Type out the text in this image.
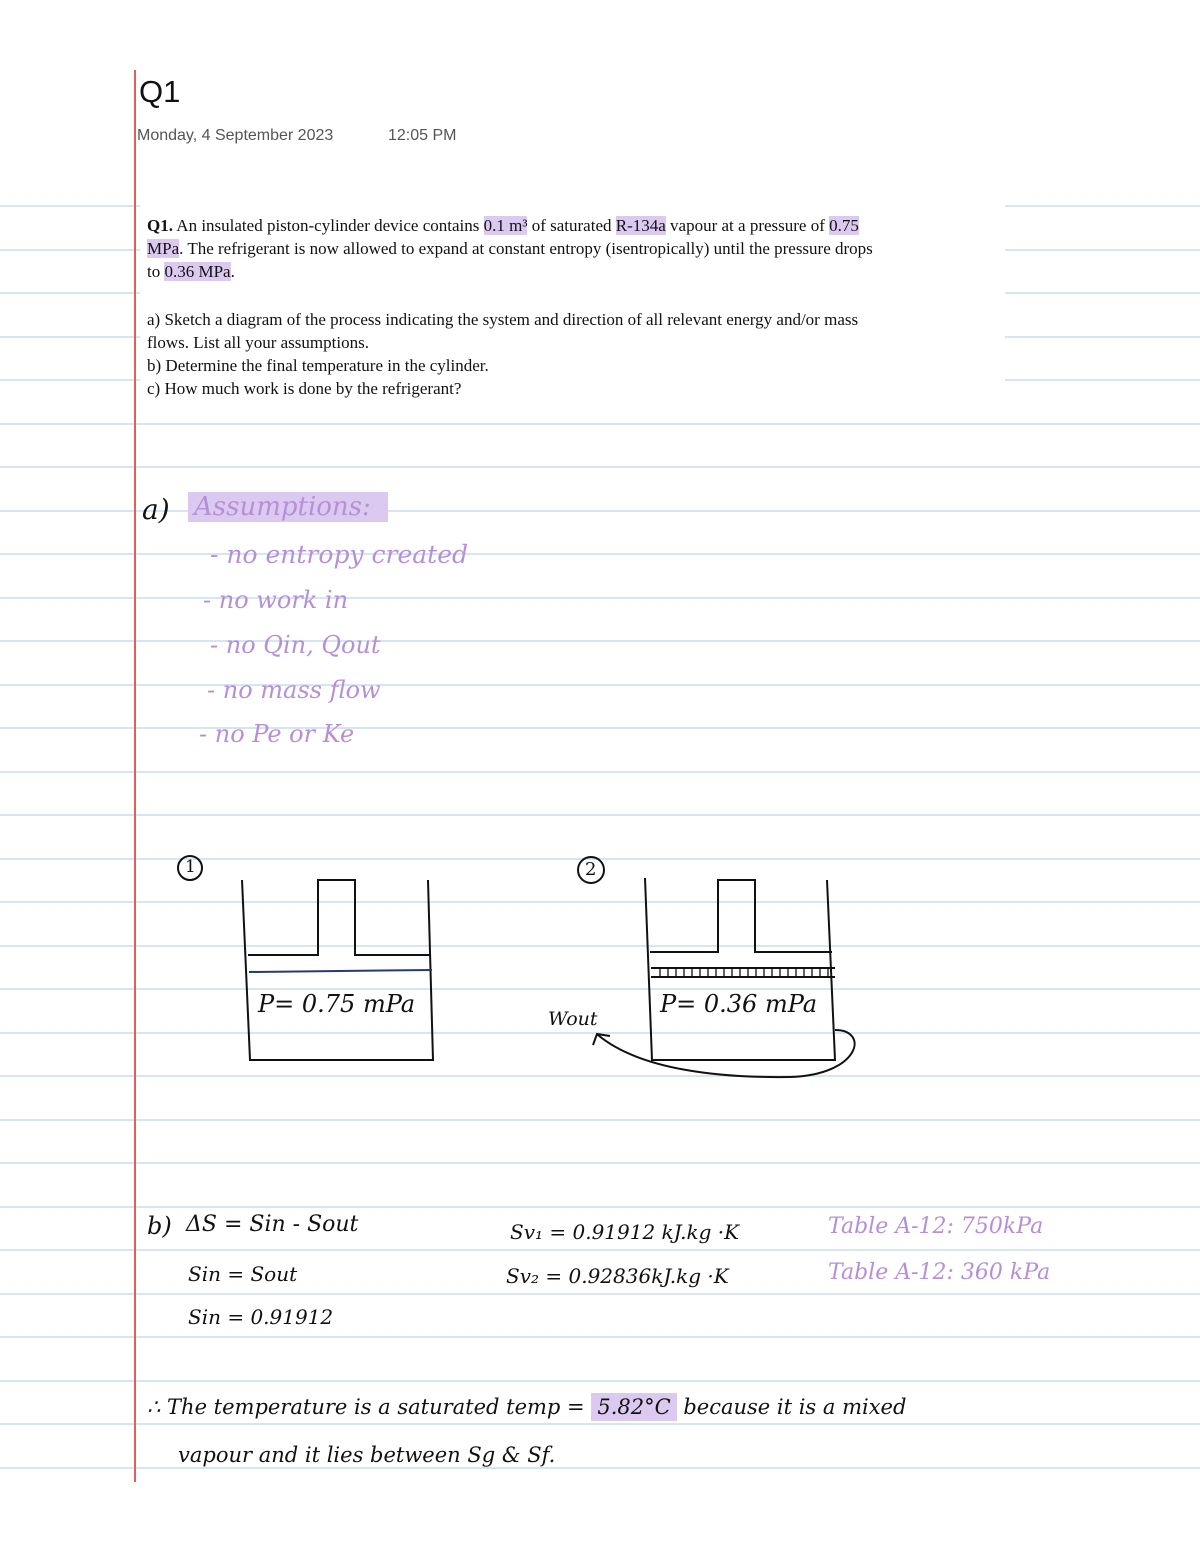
Q1
Monday, 4 September 2023	12:05 PM
Q1. An insulated piston-cylinder device contains 0.1 m³ of saturated R-134a vapour at a pressure of 0.75
MPa. The refrigerant is now allowed to expand at constant entropy (isentropically) until the pressure drops
to 0.36 MPa.
a) Sketch a diagram of the process indicating the system and direction of all relevant energy and/or mass
flows. List all your assumptions.
b) Determine the final temperature in the cylinder.
c) How much work is done by the refrigerant?
a) Assumptions:
- no entropy created
- no work in
- no Qin, Qout
- no mass flow
- no Pe or Ke
1	2
P= 0.75 mPa	P= 0.36 mPa
Wout
b) ΔS = Sin - Sout
Sin = Sout
Sin = 0.91912
Sv₁ = 0.91912 kJ.kg ·K
Sv₂ = 0.92836kJ.kg ·K
Table A-12: 750kPa
Table A-12: 360 kPa
∴ The temperature is a saturated temp = 5.82°C because it is a mixed
vapour and it lies between Sg & Sf.
